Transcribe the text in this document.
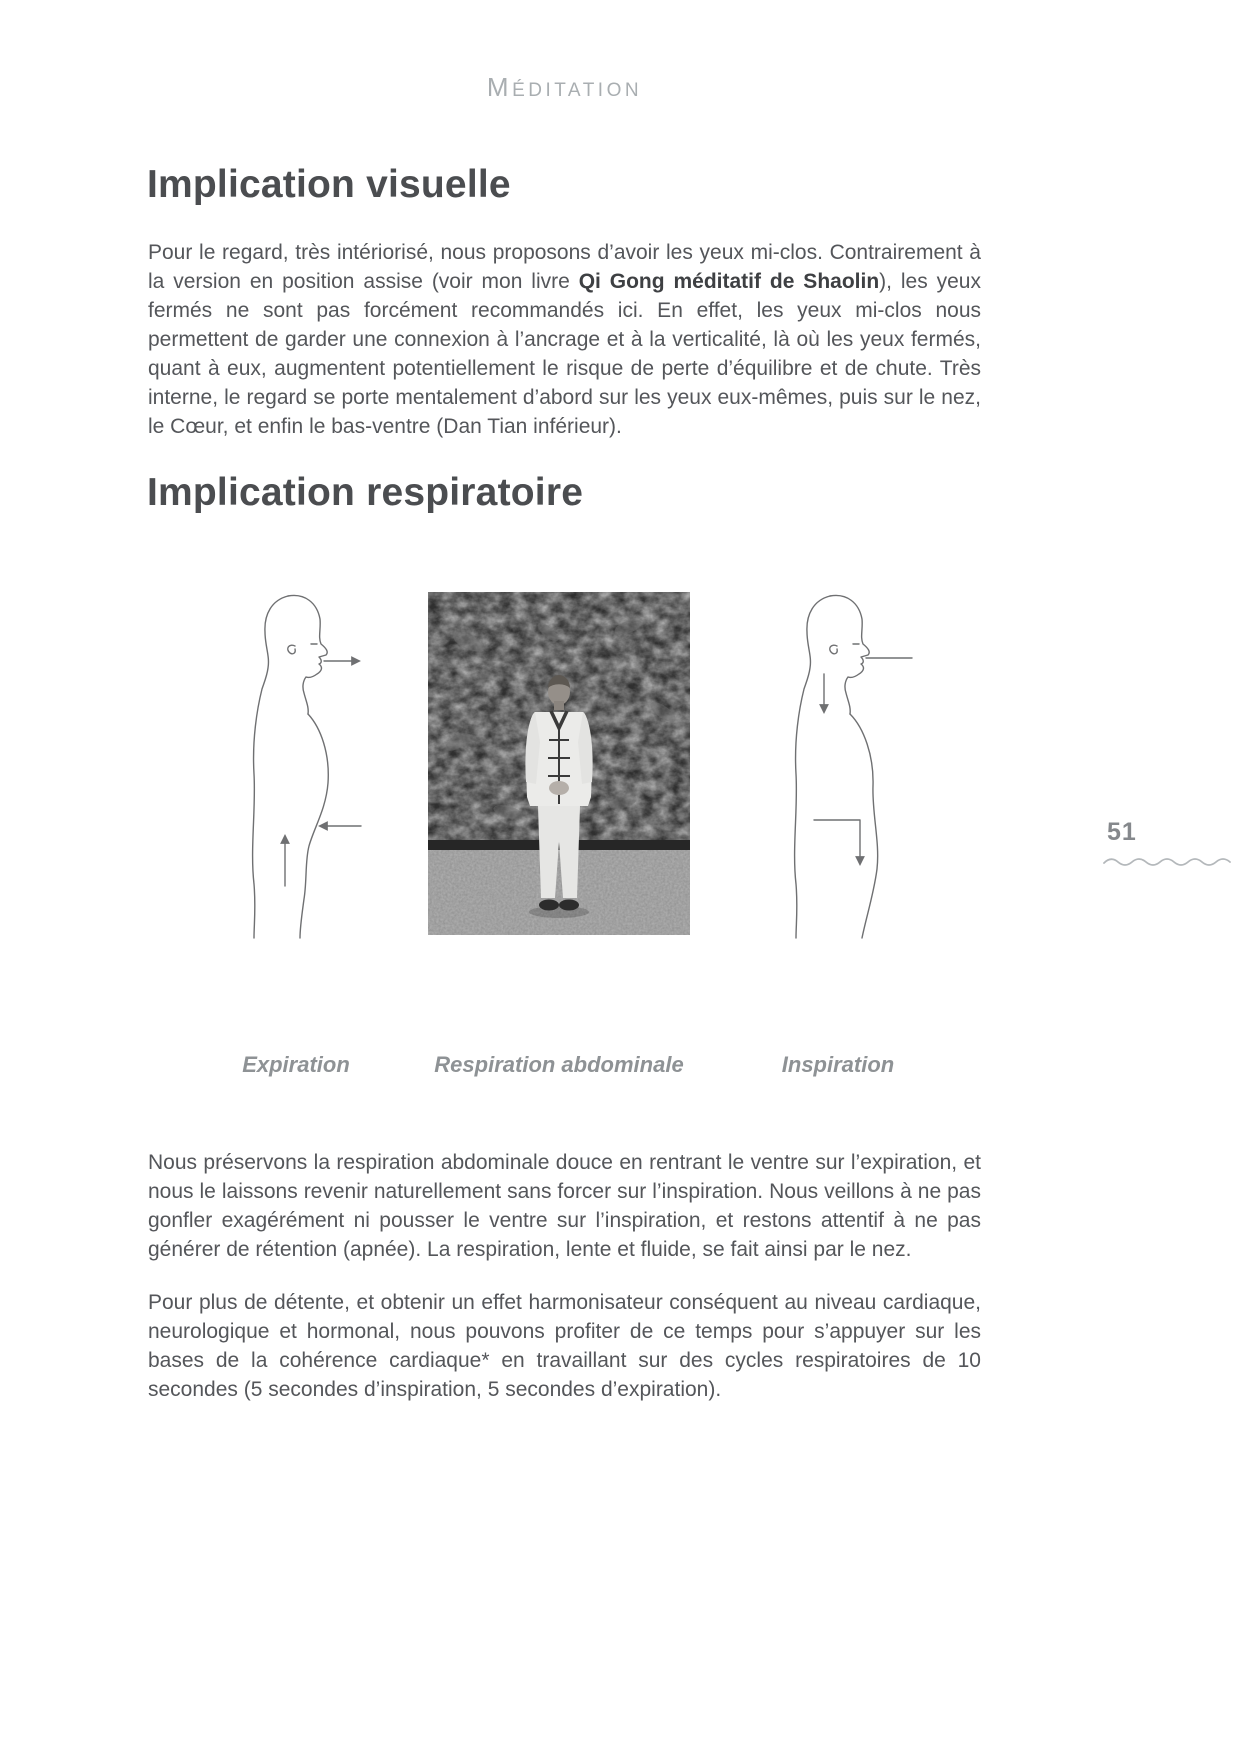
MÉDITATION
Implication visuelle

Pour le regard, très intériorisé, nous proposons d’avoir les yeux mi-clos. Contrairement à la version en position assise (voir mon livre Qi Gong méditatif de Shaolin), les yeux fermés ne sont pas forcément recommandés ici. En effet, les yeux mi-clos nous permettent de garder une connexion à l’ancrage et à la verticalité, là où les yeux fermés, quant à eux, augmentent potentiellement le risque de perte d’équilibre et de chute. Très interne, le regard se porte mentalement d’abord sur les yeux eux-mêmes, puis sur le nez, le Cœur, et enfin le bas-ventre (Dan Tian inférieur).

Implication respiratoire
Expiration	Respiration abdominale	Inspiration
51

Nous préservons la respiration abdominale douce en rentrant le ventre sur l’expiration, et nous le laissons revenir naturellement sans forcer sur l’inspiration. Nous veillons à ne pas gonfler exagérément ni pousser le ventre sur l’inspiration, et restons attentif à ne pas générer de rétention (apnée). La respiration, lente et fluide, se fait ainsi par le nez.

Pour plus de détente, et obtenir un effet harmonisateur conséquent au niveau cardiaque, neurologique et hormonal, nous pouvons profiter de ce temps pour s’appuyer sur les bases de la cohérence cardiaque* en travaillant sur des cycles respiratoires de 10 secondes (5 secondes d’inspiration, 5 secondes d’expiration).
